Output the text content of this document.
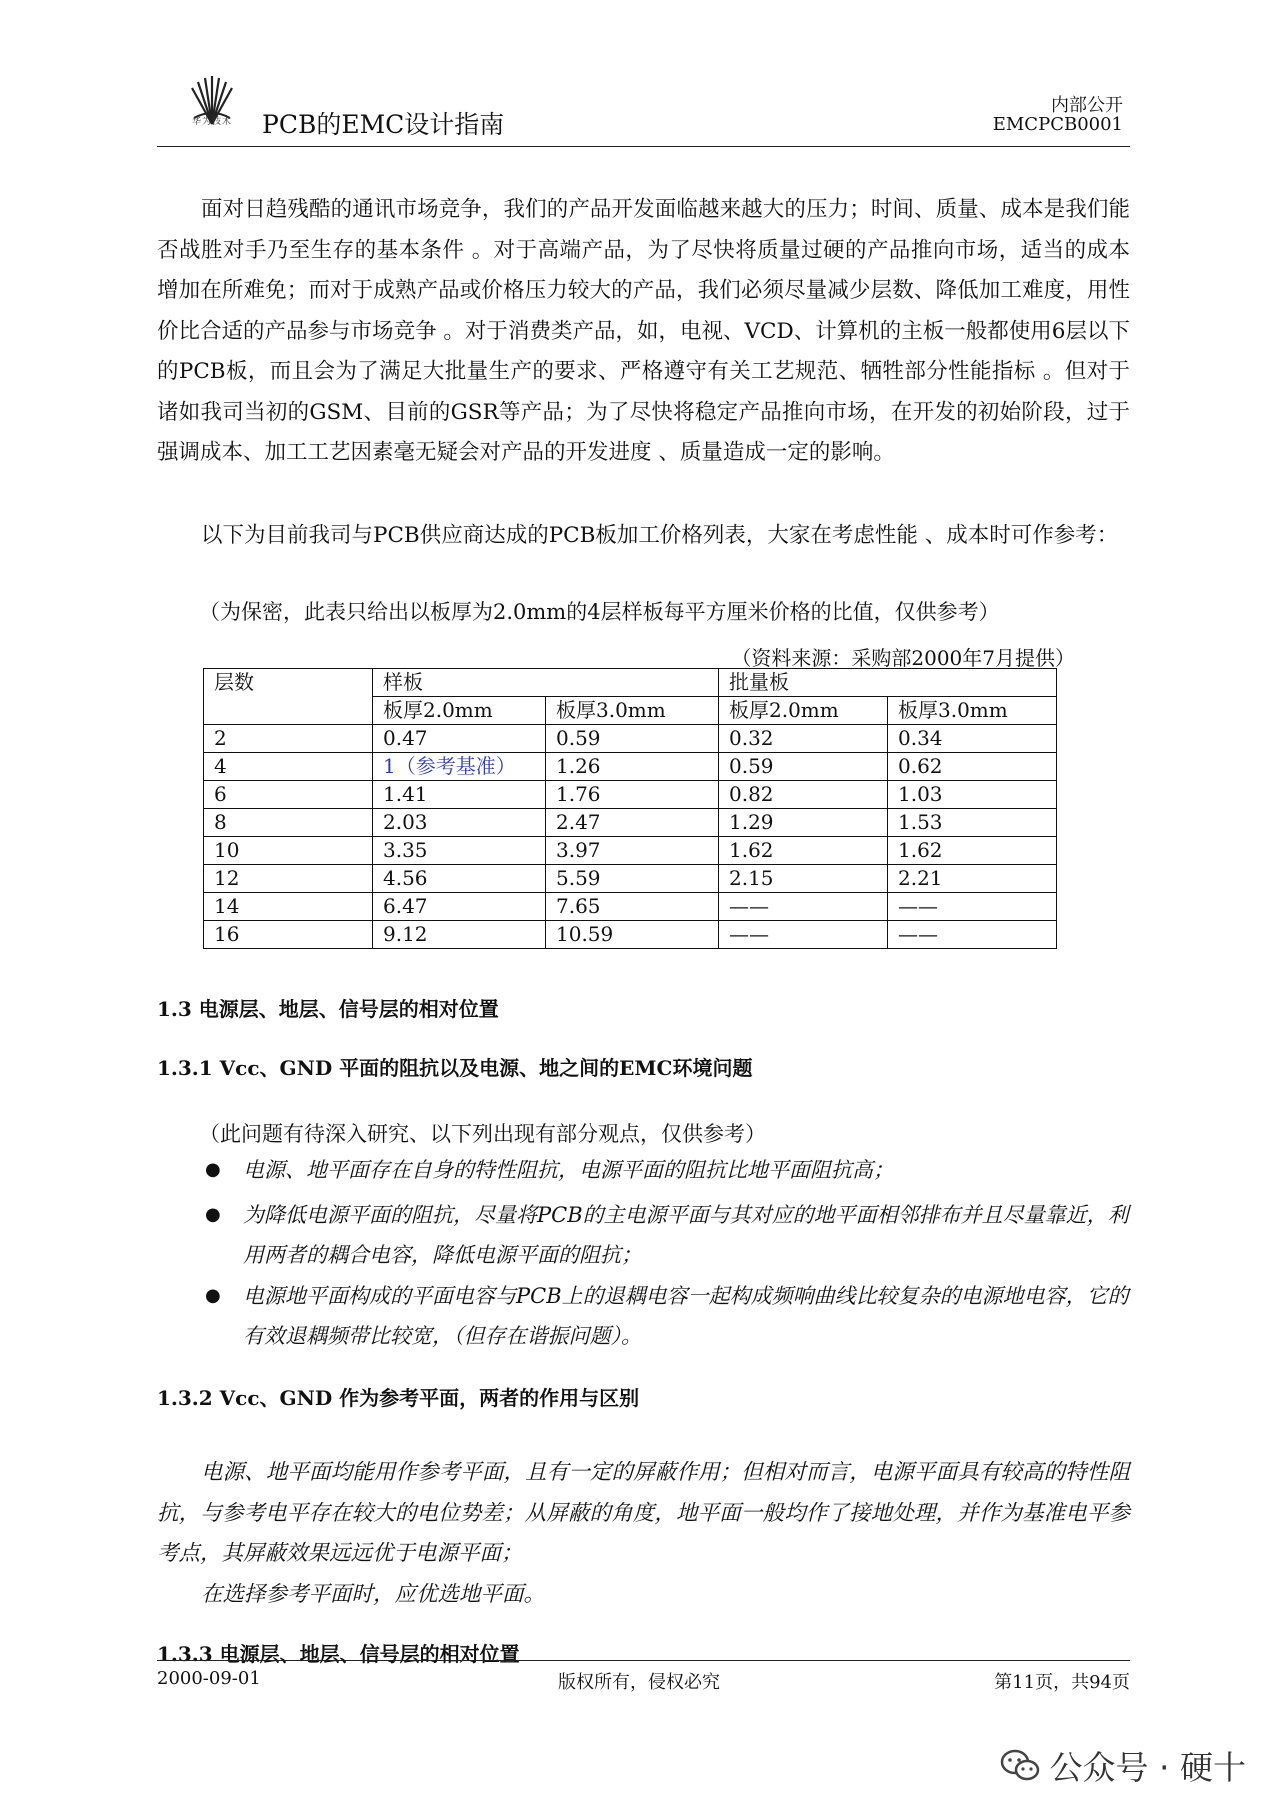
华为技术	PCB的EMC设计指南
内部公开
EMCPCB0001
面对日趋残酷的通讯市场竞争，我们的产品开发面临越来越大的压力；时间、质量、成本是我们能否战胜对手乃至生存的基本条件 。对于高端产品，为了尽快将质量过硬的产品推向市场，适当的成本增加在所难免；而对于成熟产品或价格压力较大的产品，我们必须尽量减少层数、降低加工难度，用性价比合适的产品参与市场竞争 。对于消费类产品，如，电视、VCD、计算机的主板一般都使用6层以下的PCB板，而且会为了满足大批量生产的要求、严格遵守有关工艺规范、牺牲部分性能指标 。但对于诸如我司当初的GSM、目前的GSR等产品；为了尽快将稳定产品推向市场，在开发的初始阶段，过于强调成本、加工工艺因素毫无疑会对产品的开发进度 、质量造成一定的影响。
以下为目前我司与PCB供应商达成的PCB板加工价格列表，大家在考虑性能 、成本时可作参考：
（为保密，此表只给出以板厚为2.0mm的4层样板每平方厘米价格的比值，仅供参考）
（资料来源：采购部2000年7月提供）
层数	样板		批量板	
	板厚2.0mm	板厚3.0mm	板厚2.0mm	板厚3.0mm
2	0.47	0.59	0.32	0.34
4	1（参考基准）	1.26	0.59	0.62
6	1.41	1.76	0.82	1.03
8	2.03	2.47	1.29	1.53
10	3.35	3.97	1.62	1.62
12	4.56	5.59	2.15	2.21
14	6.47	7.65	——	——
16	9.12	10.59	——	——
1.3 电源层、地层、信号层的相对位置
1.3.1 Vcc、GND 平面的阻抗以及电源、地之间的EMC环境问题
（此问题有待深入研究、以下列出现有部分观点，仅供参考）
● 电源、地平面存在自身的特性阻抗，电源平面的阻抗比地平面阻抗高；
● 为降低电源平面的阻抗，尽量将PCB的主电源平面与其对应的地平面相邻排布并且尽量靠近，利用两者的耦合电容，降低电源平面的阻抗；
● 电源地平面构成的平面电容与PCB上的退耦电容一起构成频响曲线比较复杂的电源地电容，它的有效退耦频带比较宽，（但存在谐振问题）。
1.3.2 Vcc、GND 作为参考平面，两者的作用与区别
电源、地平面均能用作参考平面，且有一定的屏蔽作用；但相对而言，电源平面具有较高的特性阻抗，与参考电平存在较大的电位势差；从屏蔽的角度，地平面一般均作了接地处理，并作为基准电平参考点，其屏蔽效果远远优于电源平面；
在选择参考平面时，应优选地平面。
1.3.3 电源层、地层、信号层的相对位置
2000-09-01	版权所有，侵权必究	第11页，共94页
公众号 · 硬十
